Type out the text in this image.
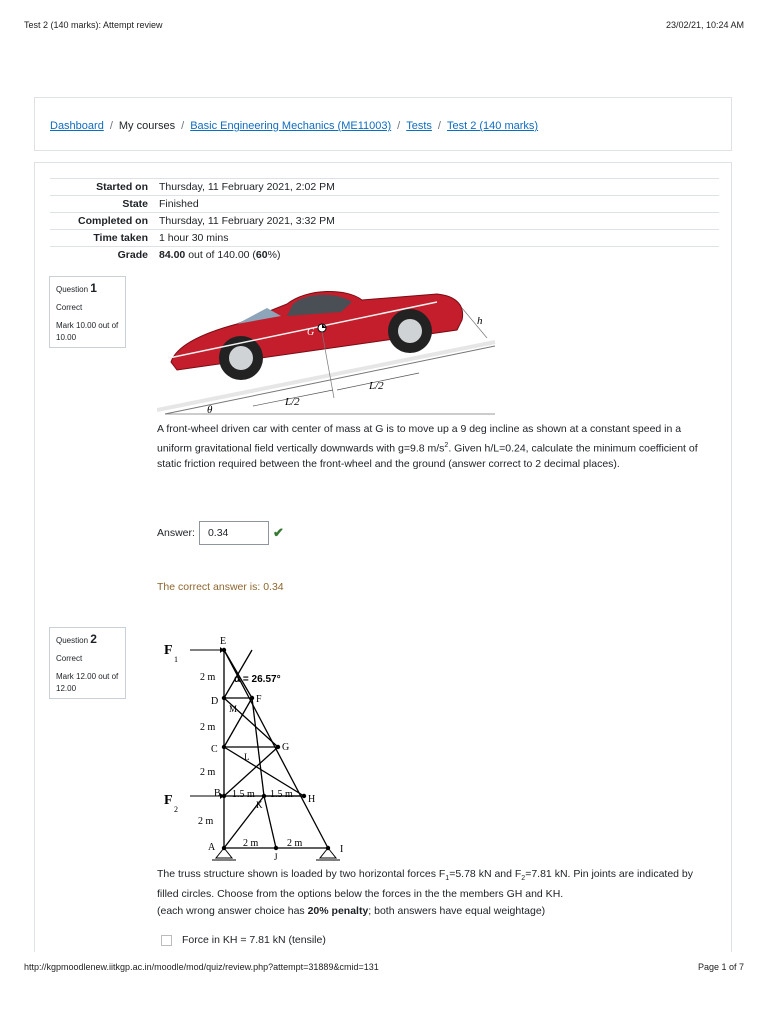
Test 2 (140 marks): Attempt review	23/02/21, 10:24 AM
Dashboard / My courses / Basic Engineering Mechanics (ME11003) / Tests / Test 2 (140 marks)
Started on	Thursday, 11 February 2021, 2:02 PM
State	Finished
Completed on	Thursday, 11 February 2021, 3:32 PM
Time taken	1 hour 30 mins
Grade	84.00 out of 140.00 (60%)

Question 1

Correct

Mark 10.00 out of 10.00	G
h
L/2
L/2
θ
A front-wheel driven car with center of mass at G is to move up a 9 deg incline as shown at a constant speed in a uniform gravitational field vertically downwards with g=9.8 $m/s^2$. Given h/L=0.24, calculate the minimum coefficient of static friction required between the front-wheel and the ground (answer correct to 2 decimal places).
Answer:	0.34	✔
The correct answer is: 0.34

Question 2

Correct

Mark 12.00 out of 12.00

F
1
F
2
E
2 m α = 26.57°
D	F
M
2 m
C	G
L
2 m
B 1.5 m 1.5 m H
K
2 m
2 m	2 m
A
J
I
The truss structure shown is loaded by two horizontal forces $F_1=5.78$ kN and $F_2=7.81$ kN. Pin joints are indicated by filled circles. Choose from the options below the forces in the the members GH and KH.
(each wrong answer choice has 20% penalty; both answers have equal weightage)
Force in KH = 7.81 kN (tensile)
http://kgpmoodlenew.iitkgp.ac.in/moodle/mod/quiz/review.php?attempt=31889&cmid=131	Page 1 of 7
